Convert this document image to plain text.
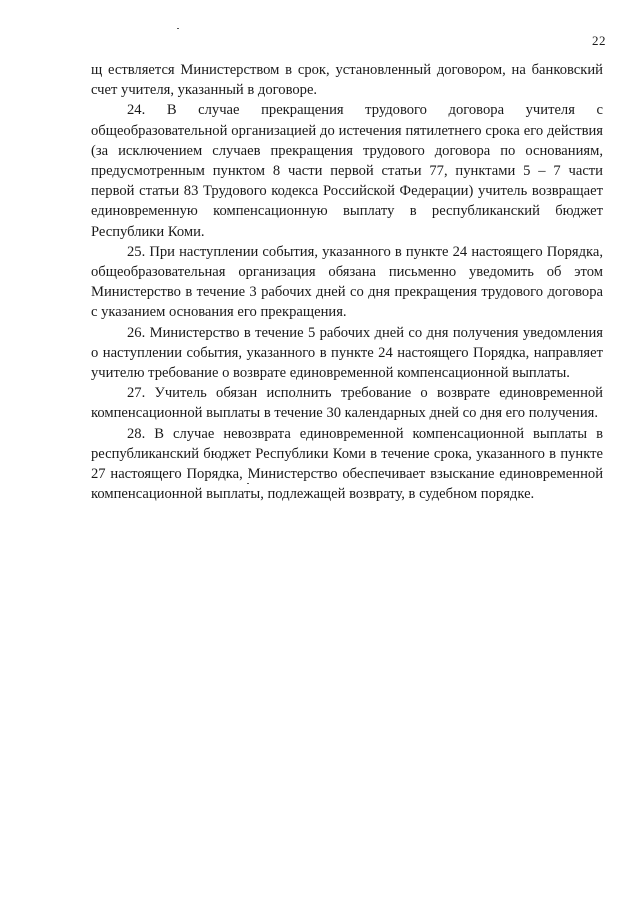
22

щ ествляется Министерством в срок, установленный договором, на банковский счет учителя, указанный в договоре.

24. В случае прекращения трудового договора учителя с общеобразовательной организацией до истечения пятилетнего срока его действия (за исключением случаев прекращения трудового договора по основаниям, предусмотренным пунктом 8 части первой статьи 77, пунктами 5 – 7 части первой статьи 83 Трудового кодекса Российской Федерации) учитель возвращает единовременную компенсационную выплату в республиканский бюджет Республики Коми.

25. При наступлении события, указанного в пункте 24 настоящего Порядка, общеобразовательная организация обязана письменно уведомить об этом Министерство в течение 3 рабочих дней со дня прекращения трудового договора с указанием основания его прекращения.

26. Министерство в течение 5 рабочих дней со дня получения уведомления о наступлении события, указанного в пункте 24 настоящего Порядка, направляет учителю требование о возврате единовременной компенсационной выплаты.

27. Учитель обязан исполнить требование о возврате единовременной компенсационной выплаты в течение 30 календарных дней со дня его получения.

28. В случае невозврата единовременной компенсационной выплаты в республиканский бюджет Республики Коми в течение срока, указанного в пункте 27 настоящего Порядка, Министерство обеспечивает взыскание единовременной компенсационной выплаты, подлежащей возврату, в судебном порядке.
